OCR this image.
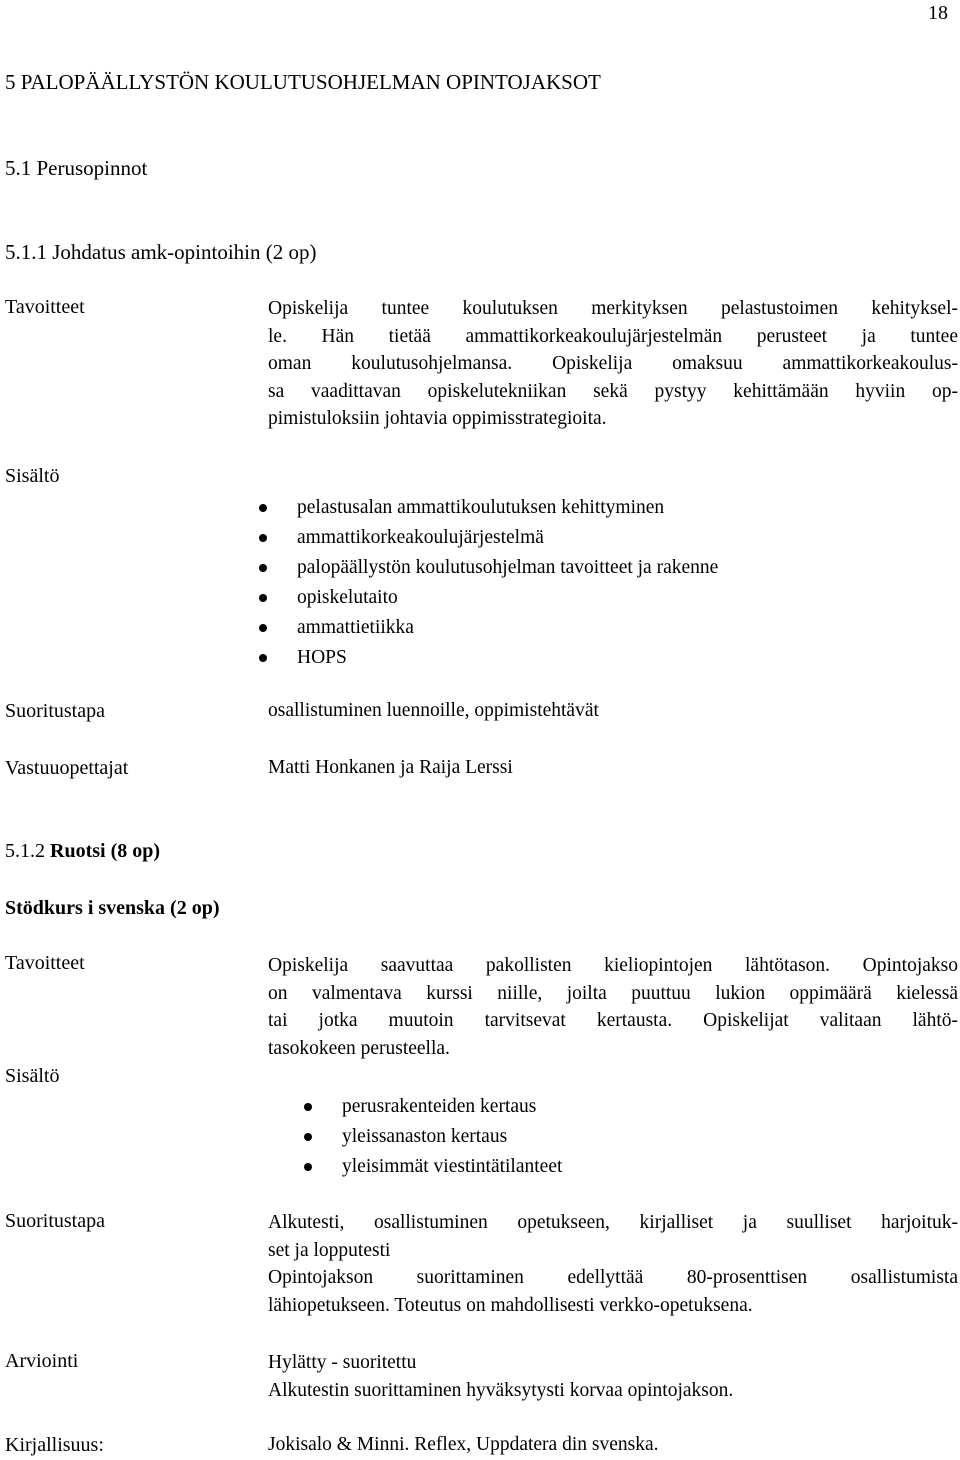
18
5 PALOPÄÄLLYSTÖN KOULUTUSOHJELMAN OPINTOJAKSOT
5.1 Perusopinnot
5.1.1 Johdatus amk-opintoihin (2 op)
Tavoitteet	Opiskelija tuntee koulutuksen merkityksen pelastustoimen kehityksel-
le. Hän tietää ammattikorkeakoulujärjestelmän perusteet ja tuntee
oman koulutusohjelmansa. Opiskelija omaksuu ammattikorkeakoulus-
sa vaadittavan opiskelutekniikan sekä pystyy kehittämään hyviin op-
pimistuloksiin johtavia oppimisstrategioita.
Sisältö
pelastusalan ammattikoulutuksen kehittyminen
ammattikorkeakoulujärjestelmä
palopäällystön koulutusohjelman tavoitteet ja rakenne
opiskelutaito
ammattietiikka
HOPS
Suoritustapa	osallistuminen luennoille, oppimistehtävät
Vastuuopettajat	Matti Honkanen ja Raija Lerssi
5.1.2 Ruotsi (8 op)
Stödkurs i svenska (2 op)
Tavoitteet	Opiskelija saavuttaa pakollisten kieliopintojen lähtötason. Opintojakso
on valmentava kurssi niille, joilta puuttuu lukion oppimäärä kielessä
tai jotka muutoin tarvitsevat kertausta. Opiskelijat valitaan lähtö-
tasokokeen perusteella.
Sisältö
perusrakenteiden kertaus
yleissanaston kertaus
yleisimmät viestintätilanteet
Suoritustapa	Alkutesti, osallistuminen opetukseen, kirjalliset ja suulliset harjoituk-
set ja lopputesti
Opintojakson suorittaminen edellyttää 80-prosenttisen osallistumista
lähiopetukseen. Toteutus on mahdollisesti verkko-opetuksena.
Arviointi	Hylätty - suoritettu
Alkutestin suorittaminen hyväksytysti korvaa opintojakson.
Kirjallisuus:	Jokisalo & Minni. Reflex, Uppdatera din svenska.
